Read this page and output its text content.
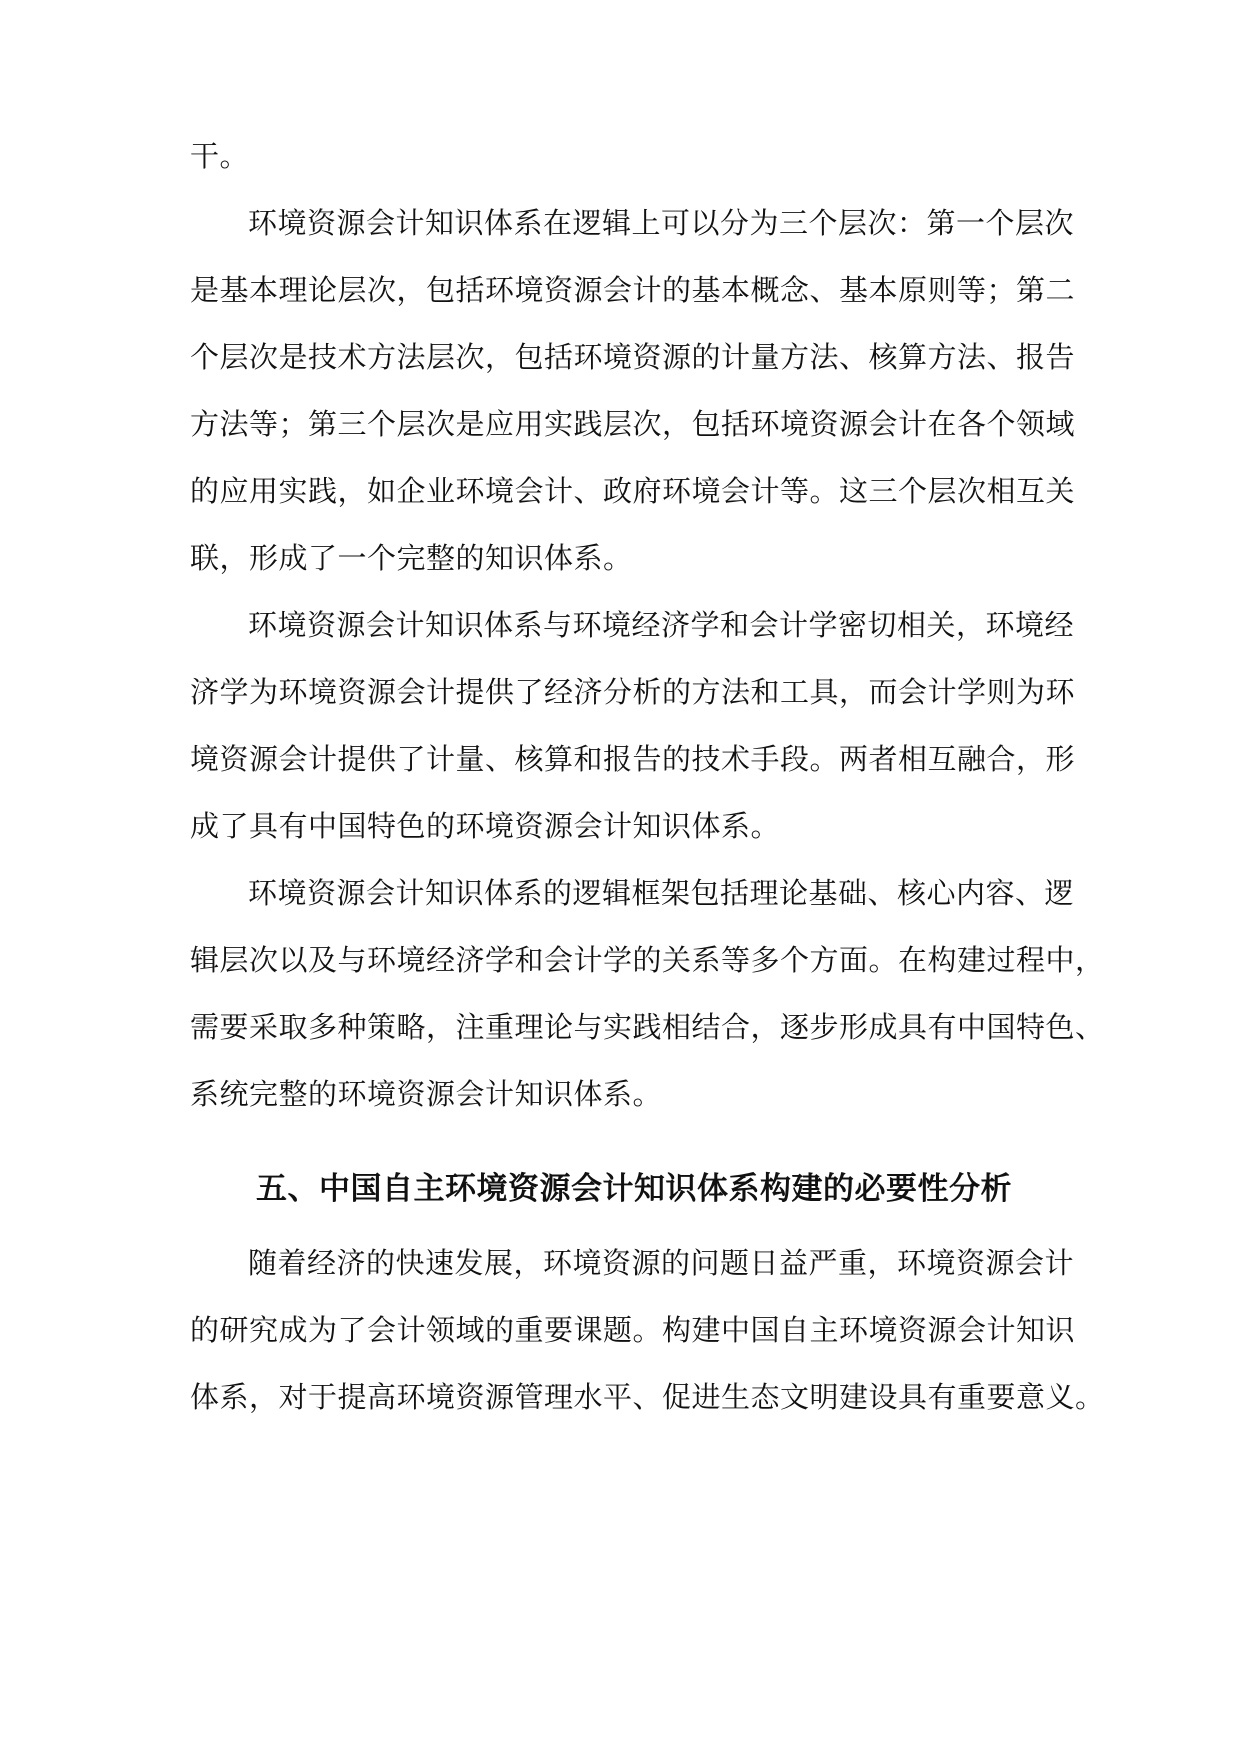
干。
环境资源会计知识体系在逻辑上可以分为三个层次：第一个层次
是基本理论层次，包括环境资源会计的基本概念、基本原则等；第二
个层次是技术方法层次，包括环境资源的计量方法、核算方法、报告
方法等；第三个层次是应用实践层次，包括环境资源会计在各个领域
的应用实践，如企业环境会计、政府环境会计等。这三个层次相互关
联，形成了一个完整的知识体系。
环境资源会计知识体系与环境经济学和会计学密切相关，环境经
济学为环境资源会计提供了经济分析的方法和工具，而会计学则为环
境资源会计提供了计量、核算和报告的技术手段。两者相互融合，形
成了具有中国特色的环境资源会计知识体系。
环境资源会计知识体系的逻辑框架包括理论基础、核心内容、逻
辑层次以及与环境经济学和会计学的关系等多个方面。在构建过程中，
需要采取多种策略，注重理论与实践相结合，逐步形成具有中国特色、
系统完整的环境资源会计知识体系。
五、中国自主环境资源会计知识体系构建的必要性分析
随着经济的快速发展，环境资源的问题日益严重，环境资源会计
的研究成为了会计领域的重要课题。构建中国自主环境资源会计知识
体系，对于提高环境资源管理水平、促进生态文明建设具有重要意义。
